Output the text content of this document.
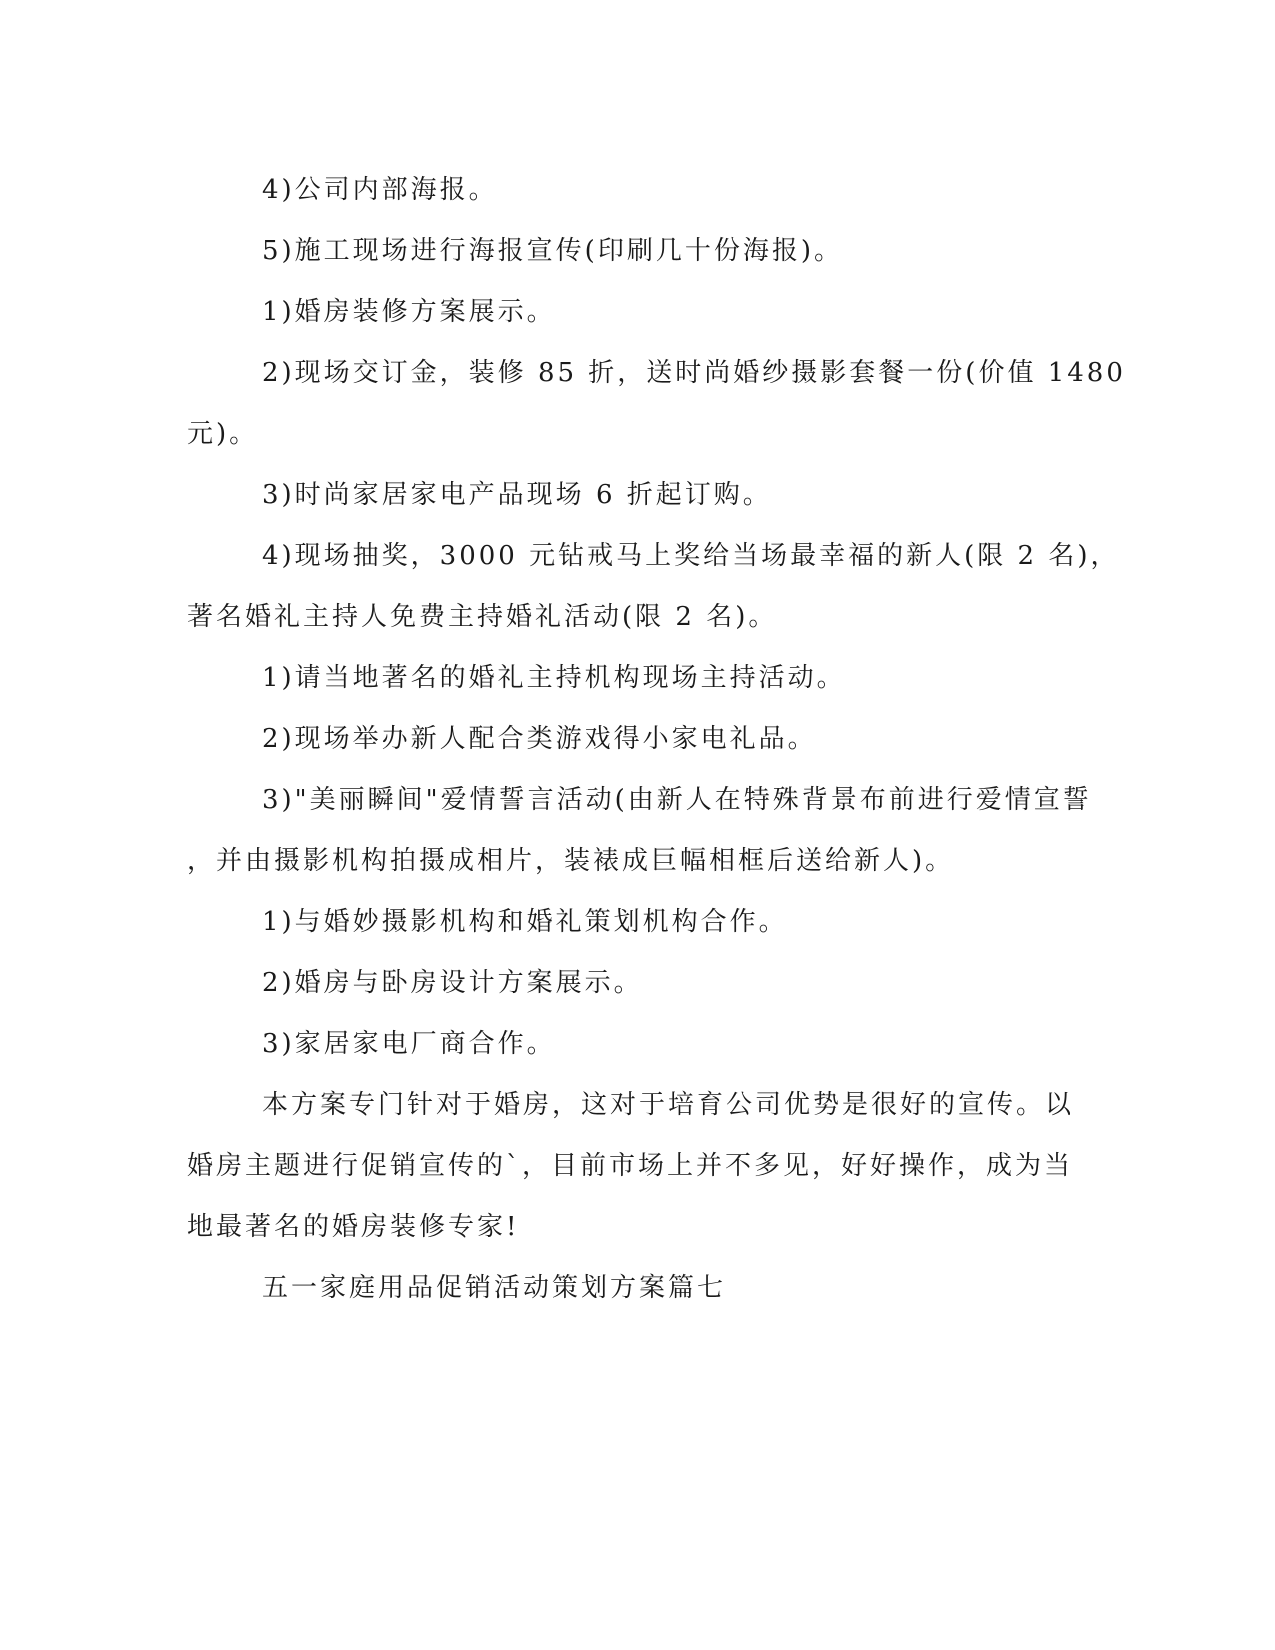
4)公司内部海报。
5)施工现场进行海报宣传(印刷几十份海报)。
1)婚房装修方案展示。
2)现场交订金，装修 85 折，送时尚婚纱摄影套餐一份(价值 1480
元)。
3)时尚家居家电产品现场 6 折起订购。
4)现场抽奖，3000 元钻戒马上奖给当场最幸福的新人(限 2 名)，
著名婚礼主持人免费主持婚礼活动(限 2 名)。
1)请当地著名的婚礼主持机构现场主持活动。
2)现场举办新人配合类游戏得小家电礼品。
3)"美丽瞬间"爱情誓言活动(由新人在特殊背景布前进行爱情宣誓
，并由摄影机构拍摄成相片，装裱成巨幅相框后送给新人)。
1)与婚妙摄影机构和婚礼策划机构合作。
2)婚房与卧房设计方案展示。
3)家居家电厂商合作。
本方案专门针对于婚房，这对于培育公司优势是很好的宣传。以
婚房主题进行促销宣传的`，目前市场上并不多见，好好操作，成为当
地最著名的婚房装修专家!
五一家庭用品促销活动策划方案篇七
